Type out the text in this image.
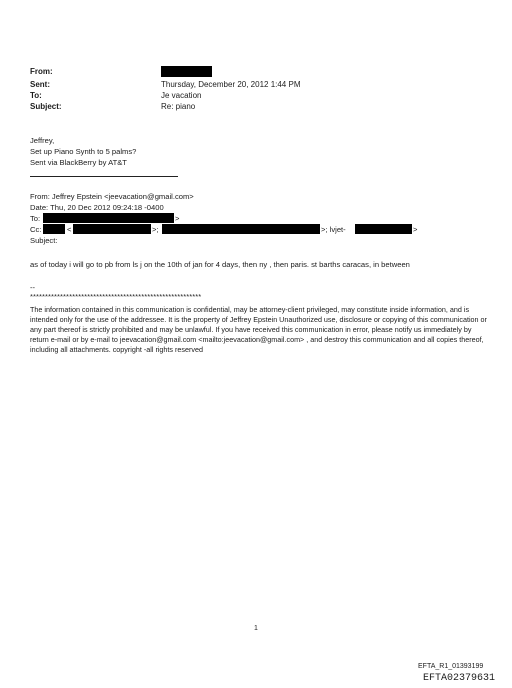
From:
Sent:	Thursday, December 20, 2012 1:44 PM
To:	Je vacation
Subject:	Re: piano
Jeffrey,
Set up Piano Synth to 5 palms?
Sent via BlackBerry by AT&T
From: Jeffrey Epstein <jeevacation@gmail.com>
Date: Thu, 20 Dec 2012 09:24:18 -0400
To:	>
Cc:	<	>;	>; lvjet-	>
Subject:
as of today i will go to pb from ls j on the 10th of jan for 4 days, then ny , then paris. st barths caracas, in between
--
*********************************************************
The information contained in this communication is confidential, may be attorney-client privileged, may constitute inside information, and is intended only for the use of the addressee. It is the property of Jeffrey Epstein Unauthorized use, disclosure or copying of this communication or any part thereof is strictly prohibited and may be unlawful. If you have received this communication in error, please notify us immediately by return e-mail or by e-mail to jeevacation@gmail.com <mailto:jeevacation@gmail.com> , and destroy this communication and all copies thereof, including all attachments. copyright -all rights reserved
1
EFTA_R1_01393199
EFTA02379631
